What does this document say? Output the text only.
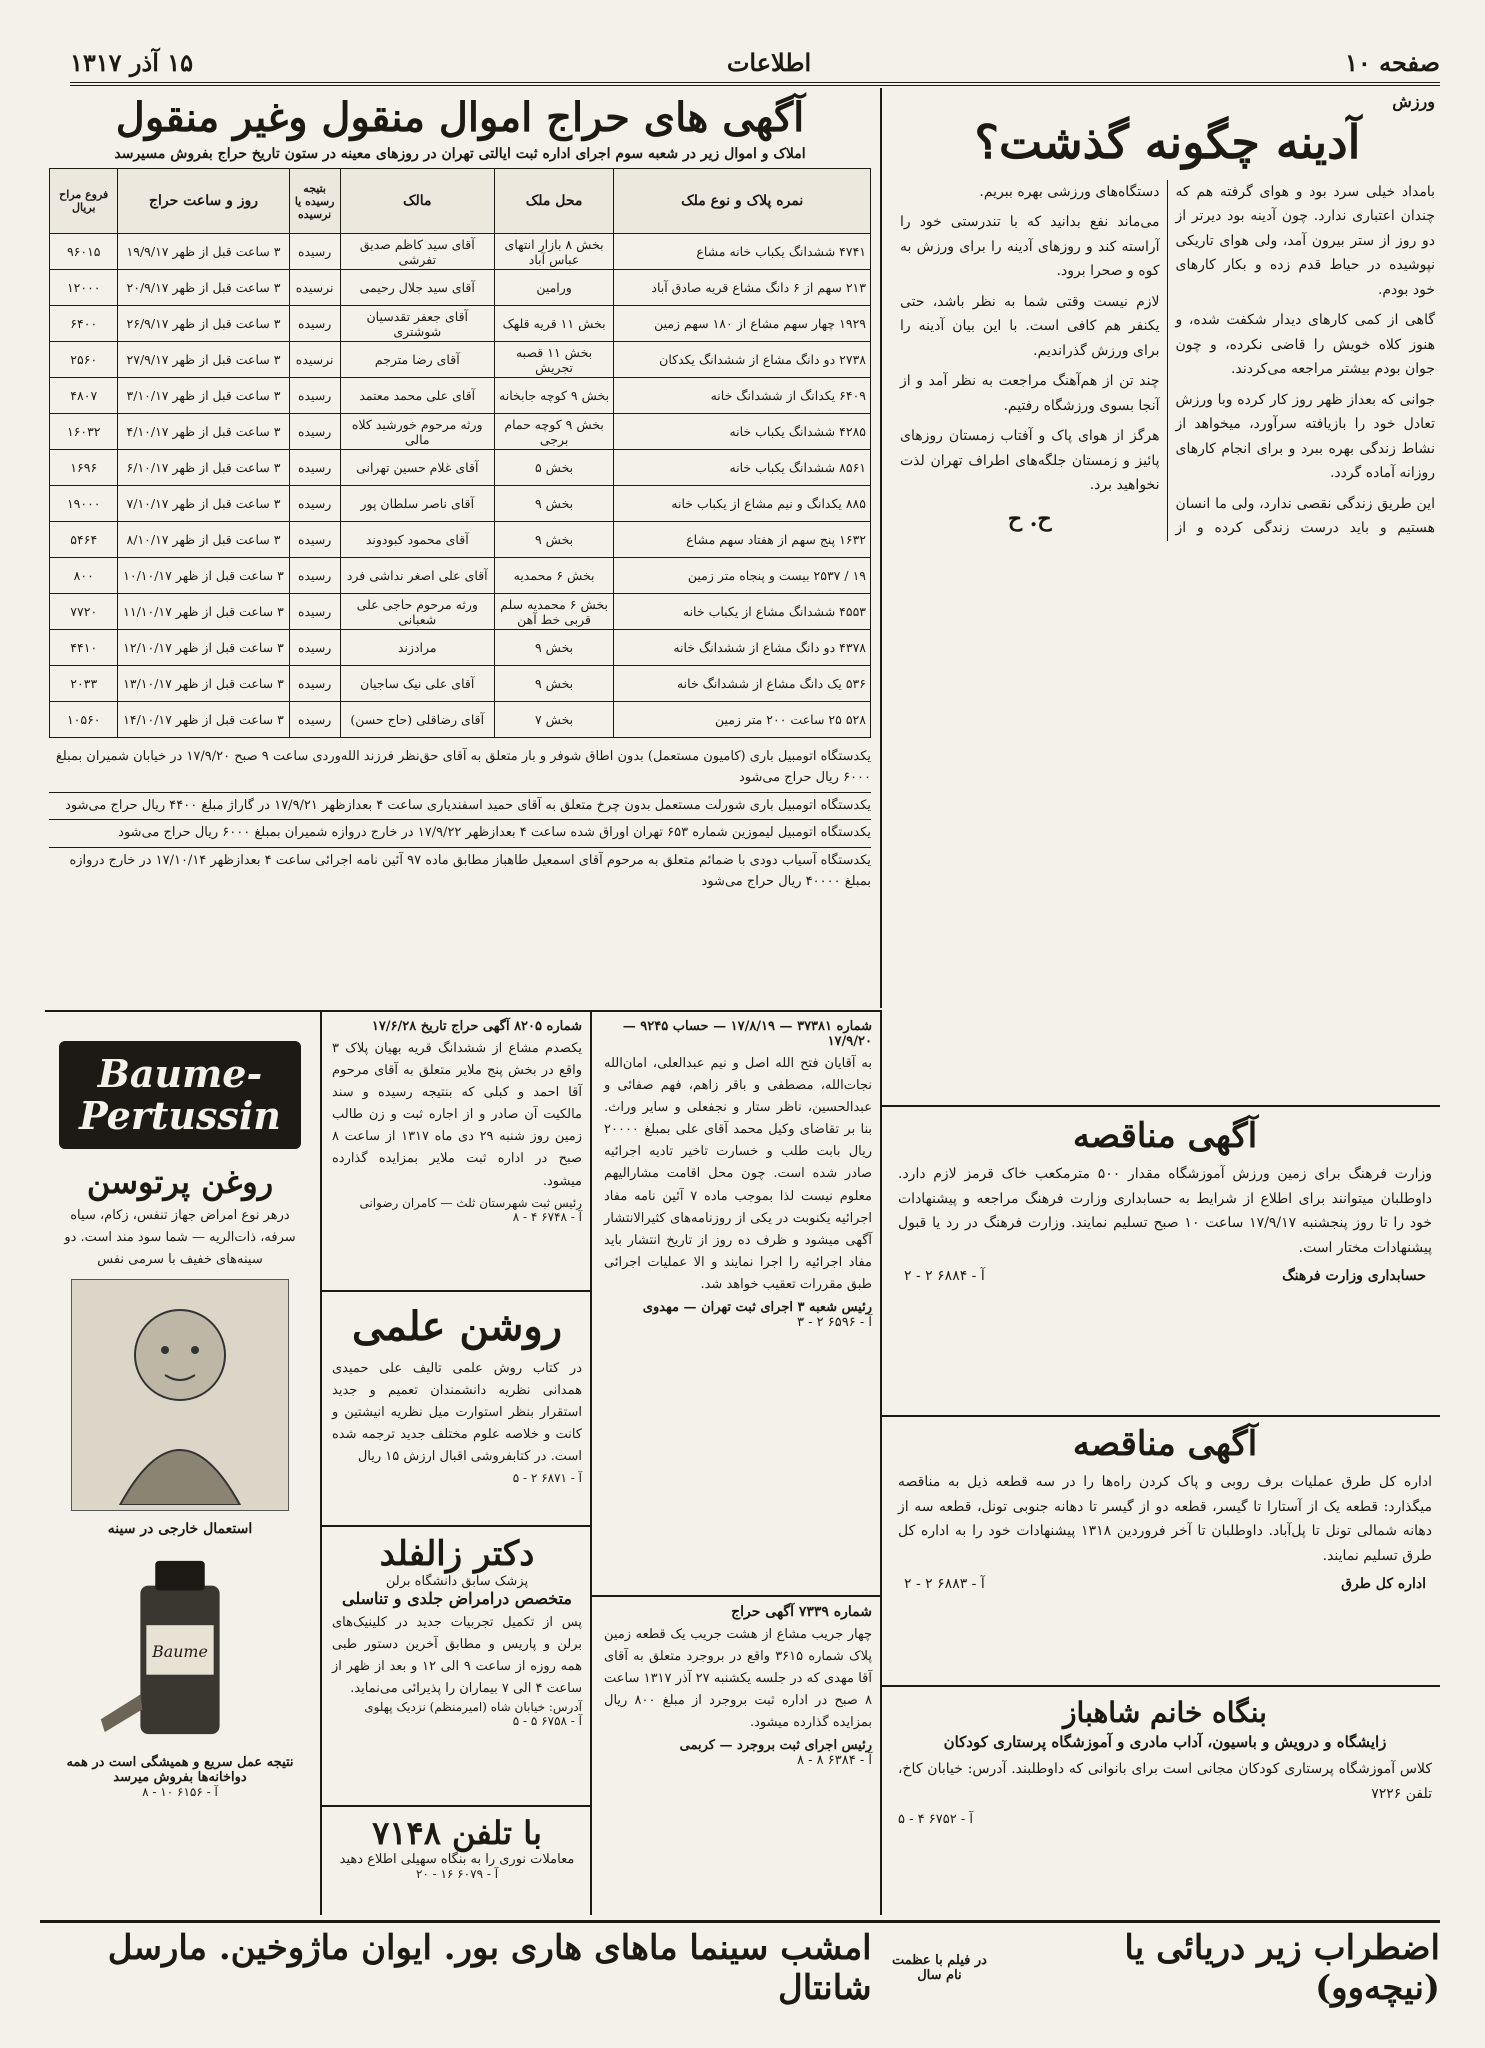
صفحه ۱۰
اطلاعات
۱۵ آذر ۱۳۱۷
ورزش
آدینه چگونه گذشت؟

بامداد خیلی سرد بود و هوای گرفته هم که چندان اعتباری ندارد. چون آدینه بود دیرتر از دو روز از ستر بیرون آمد، ولی هوای تاریکی نپوشیده در حیاط قدم زده و بکار کارهای خود بودم.

گاهی از کمی کارهای دیدار شکفت شده، و هنوز کلاه خویش را قاضی نکرده، و چون جوان بودم بیشتر مراجعه می‌کردند.

جوانی که بعداز ظهر روز کار کرده وبا ورزش تعادل خود را بازیافته سرآورد، میخواهد از نشاط زندگی بهره ببرد و برای انجام کارهای روزانه آماده گردد.

این طریق زندگی نقصی ندارد، ولی ما انسان هستیم و باید درست زندگی کرده و از دستگاه‌های ورزشی بهره ببریم.

می‌ماند نفع بدانید که با تندرستی خود را آراسته کند و روزهای آدینه را برای ورزش به کوه و صحرا برود.

لازم نیست وقتی شما به نظر باشد، حتی یکنفر هم کافی است. با این بیان آدینه را برای ورزش گذراندیم.

چند تن از هم‌آهنگ مراجعت به نظر آمد و از آنجا بسوی ورزشگاه رفتیم.

هرگز از هوای پاک و آفتاب زمستان روزهای پائیز و زمستان جلگه‌های اطراف تهران لذت نخواهید برد.

ح. ح
آگهی های حراج اموال منقول وغیر منقول
املاک و اموال زیر در شعبه سوم اجرای اداره ثبت ایالتی تهران در روزهای معینه در ستون تاریخ حراج بفروش مسیرسد
نمره پلاک و نوع ملک	محل ملک	مالک	بتیجه رسیده یا نرسیده	روز و ساعت حراج	فروع مراح بریال
۴۷۴۱ ششدانگ یکباب خانه مشاع	بخش ۸ بازار انتهای عباس آباد	آقای سید کاظم صدیق تفرشی	رسیده	۳ ساعت قبل از ظهر ۱۹/۹/۱۷	۹۶۰۱۵
۲۱۳ سهم از ۶ دانگ مشاع قریه صادق آباد	ورامین	آقای سید جلال رحیمی	نرسیده	۳ ساعت قبل از ظهر ۲۰/۹/۱۷	۱۲۰۰۰
۱۹۲۹ چهار سهم مشاع از ۱۸۰ سهم زمین	بخش ۱۱ قریه قلهک	آقای جعفر تقدسیان شوشتری	رسیده	۳ ساعت قبل از ظهر ۲۶/۹/۱۷	۶۴۰۰
۲۷۳۸ دو دانگ مشاع از ششدانگ یکدکان	بخش ۱۱ قصبه تجریش	آقای رضا مترجم	نرسیده	۳ ساعت قبل از ظهر ۲۷/۹/۱۷	۲۵۶۰
۶۴۰۹ یکدانگ از ششدانگ خانه	بخش ۹ کوچه جابخانه	آقای علی محمد معتمد	رسیده	۳ ساعت قبل از ظهر ۳/۱۰/۱۷	۴۸۰۷
۴۲۸۵ ششدانگ یکباب خانه	بخش ۹ کوچه حمام برجی	ورثه مرحوم خورشید کلاه مالی	رسیده	۳ ساعت قبل از ظهر ۴/۱۰/۱۷	۱۶۰۳۲
۸۵۶۱ ششدانگ یکباب خانه	بخش ۵	آقای غلام حسین تهرانی	رسیده	۳ ساعت قبل از ظهر ۶/۱۰/۱۷	۱۶۹۶
۸۸۵ یکدانگ و نیم مشاع از یکباب خانه	بخش ۹	آقای ناصر سلطان پور	رسیده	۳ ساعت قبل از ظهر ۷/۱۰/۱۷	۱۹۰۰۰
۱۶۳۲ پنج سهم از هفتاد سهم مشاع	بخش ۹	آقای محمود کبودوند	رسیده	۳ ساعت قبل از ظهر ۸/۱۰/۱۷	۵۴۶۴
۱۹ / ۲۵۳۷ بیست و پنجاه متر زمین	بخش ۶ محمدیه	آقای علی اصغر نداشی فرد	رسیده	۳ ساعت قبل از ظهر ۱۰/۱۰/۱۷	۸۰۰
۴۵۵۳ ششدانگ مشاع از یکباب خانه	بخش ۶ محمدیه سلم قربی خط آهن	ورثه مرحوم حاجی علی شعبانی	رسیده	۳ ساعت قبل از ظهر ۱۱/۱۰/۱۷	۷۷۲۰
۴۳۷۸ دو دانگ مشاع از ششدانگ خانه	بخش ۹	مرادزند	رسیده	۳ ساعت قبل از ظهر ۱۲/۱۰/۱۷	۴۴۱۰
۵۳۶ یک دانگ مشاع از ششدانگ خانه	بخش ۹	آقای علی نیک ساجیان	رسیده	۳ ساعت قبل از ظهر ۱۳/۱۰/۱۷	۲۰۳۳
۵۲۸ ۲۵ ساعت ۲۰۰ متر زمین	بخش ۷	آقای رضاقلی (حاج حسن)	رسیده	۳ ساعت قبل از ظهر ۱۴/۱۰/۱۷	۱۰۵۶۰
یکدستگاه اتومبیل باری (کامیون مستعمل) بدون اطاق شوفر و بار متعلق به آقای حق‌نظر فرزند الله‌وردی ساعت ۹ صبح ۱۷/۹/۲۰ در خیابان شمیران بمبلغ ۶۰۰۰ ریال حراج می‌شود
یکدستگاه اتومبیل باری شورلت مستعمل بدون چرخ متعلق به آقای حمید اسفندیاری ساعت ۴ بعدازظهر ۱۷/۹/۲۱ در گاراژ مبلغ ۴۴۰۰ ریال حراج می‌شود
یکدستگاه اتومبیل لیموزین شماره ۶۵۳ تهران اوراق شده ساعت ۴ بعدازظهر ۱۷/۹/۲۲ در خارج دروازه شمیران بمبلغ ۶۰۰۰ ریال حراج می‌شود
یکدستگاه آسیاب دودی با ضمائم متعلق به مرحوم آقای اسمعیل طاهباز مطابق ماده ۹۷ آئین نامه اجرائی ساعت ۴ بعدازظهر ۱۷/۱۰/۱۴ در خارج دروازه بمبلغ ۴۰۰۰۰ ریال حراج می‌شود
آگهی مناقصه

وزارت فرهنگ برای زمین ورزش آموزشگاه مقدار ۵۰۰ مترمکعب خاک قرمز لازم دارد. داوطلبان میتوانند برای اطلاع از شرایط به حسابداری وزارت فرهنگ مراجعه و پیشنهادات خود را تا روز پنجشنبه ۱۷/۹/۱۷ ساعت ۱۰ صبح تسلیم نمایند. وزارت فرهنگ در رد یا قبول پیشنهادات مختار است.

حسابداری وزارت فرهنگ
آ - ۶۸۸۴ ۲ - ۲
آگهی مناقصه

اداره کل طرق عملیات برف روبی و پاک کردن راه‌ها را در سه قطعه ذیل به مناقصه میگذارد: قطعه یک از آستارا تا گیسر، قطعه دو از گیسر تا دهانه جنوبی تونل، قطعه سه از دهانه شمالی تونل تا پل‌آباد. داوطلبان تا آخر فروردین ۱۳۱۸ پیشنهادات خود را به اداره کل طرق تسلیم نمایند.

اداره کل طرق
آ - ۶۸۸۳ ۲ - ۲
بنگاه خانم شاهباز
زایشگاه و درویش و باسیون، آداب مادری و آموزشگاه پرستاری کودکان

کلاس آموزشگاه پرستاری کودکان مجانی است برای بانوانی که داوطلبند. آدرس: خیابان کاخ، تلفن ۷۲۲۶

آ - ۶۷۵۲ ۴ - ۵
شماره ۳۷۳۸۱ — ۱۷/۸/۱۹ — حساب ۹۲۴۵ — ۱۷/۹/۲۰

به آقایان فتح الله اصل و نیم عبدالعلی، امان‌الله نجات‌الله، مصطفی و باقر زاهم، فهم صفائی و عبدالحسین، ناظر ستار و نجفعلی و سایر وراث. بنا بر تقاضای وکیل محمد آقای علی بمبلغ ۲۰۰۰۰ ریال بابت طلب و خسارت تاخیر تادیه اجرائیه صادر شده است. چون محل اقامت مشارالیهم معلوم نیست لذا بموجب ماده ۷ آئین نامه مفاد اجرائیه یکنوبت در یکی از روزنامه‌های کثیرالانتشار آگهی میشود و ظرف ده روز از تاریخ انتشار باید مفاد اجرائیه را اجرا نمایند و الا عملیات اجرائی طبق مقررات تعقیب خواهد شد.

رئیس شعبه ۳ اجرای ثبت تهران — مهدوی
آ - ۶۵۹۶ ۲ - ۳
شماره ۷۳۳۹ آگهی حراج

چهار جریب مشاع از هشت جریب یک قطعه زمین پلاک شماره ۳۶۱۵ واقع در بروجرد متعلق به آقای آقا مهدی که در جلسه یکشنبه ۲۷ آذر ۱۳۱۷ ساعت ۸ صبح در اداره ثبت بروجرد از مبلغ ۸۰۰ ریال بمزایده گذارده میشود.

رئیس اجرای ثبت بروجرد — کربمی
آ - ۶۳۸۴ ۸ - ۸
شماره ۸۲۰۵ آگهی حراج تاریخ ۱۷/۶/۲۸

یکصدم مشاع از ششدانگ قریه بهیان پلاک ۳ واقع در بخش پنج ملایر متعلق به آقای مرحوم آقا احمد و کبلی که بنتیجه رسیده و سند مالکیت آن صادر و از اجاره ثبت و زن طالب زمین روز شنبه ۲۹ دی ماه ۱۳۱۷ از ساعت ۸ صبح در اداره ثبت ملایر بمزایده گذارده میشود.

رئیس ثبت شهرستان ثلث — کامران رضوانی
آ - ۶۷۴۸ ۴ - ۸
روشن علمی

در کتاب روش علمی تالیف علی حمیدی همدانی نظریه دانشمندان تعمیم و جدید استقرار بنظر استوارت میل نظریه انیشتین و کانت و خلاصه علوم مختلف جدید ترجمه شده است. در کتابفروشی اقبال ارزش ۱۵ ریال

آ - ۶۸۷۱ ۲ - ۵
دکتر زالفلد
پزشک سابق دانشگاه برلن
متخصص درامراض جلدی و تناسلی

پس از تکمیل تجربیات جدید در کلینیک‌های برلن و پاریس و مطابق آخرین دستور طبی همه روزه از ساعت ۹ الی ۱۲ و بعد از ظهر از ساعت ۴ الی ۷ بیماران را پذیرائی می‌نماید.

آدرس: خیابان شاه (امیرمنظم) نزدیک پهلوی
آ - ۶۷۵۸ ۵ - ۵
با تلفن ۷۱۴۸
معاملات نوری را به بنگاه سهیلی اطلاع دهید
آ - ۶۰۷۹ ۱۶ - ۲۰
Baume-
Pertussin
روغن پرتوسن

درهر نوع امراض جهاز تنفس، زکام، سیاه سرفه، ذات‌الریه — شما سود مند است. دو سینه‌های خفیف با سرمی نفس

استعمال خارجی در سینه
Baume
نتیجه عمل سریع و همیشگی است در همه دواخانه‌ها بفروش میرسد
آ - ۶۱۵۶ ۱۰ - ۸
اضطراب زیر دریائی یا (نیچه‌وو)
در فیلم با عظمت نام سال
امشب سینما ماهای هاری بور. ایوان ماژوخین. مارسل شانتال
